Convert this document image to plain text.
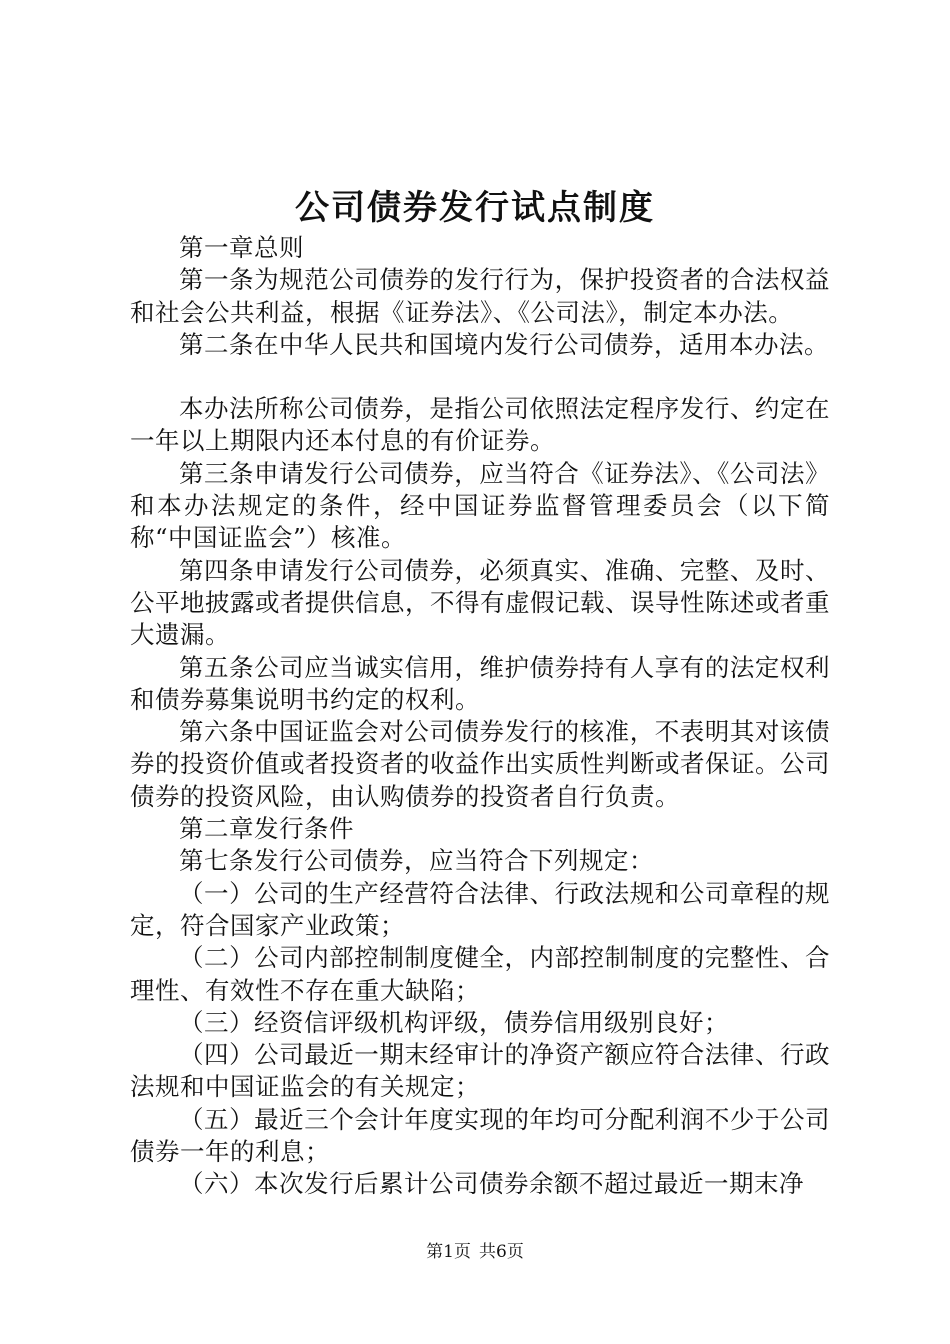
公司债券发行试点制度

第一章总则

第一条为规范公司债券的发行行为，保护投资者的合法权益和社会公共利益，根据《证券法》、《公司法》，制定本办法。

第二条在中华人民共和国境内发行公司债券，适用本办法。

本办法所称公司债券，是指公司依照法定程序发行、约定在一年以上期限内还本付息的有价证券。

第三条申请发行公司债券，应当符合《证券法》、《公司法》和本办法规定的条件，经中国证券监督管理委员会（以下简称“中国证监会”）核准。

第四条申请发行公司债券，必须真实、准确、完整、及时、公平地披露或者提供信息，不得有虚假记载、误导性陈述或者重大遗漏。

第五条公司应当诚实信用，维护债券持有人享有的法定权利和债券募集说明书约定的权利。

第六条中国证监会对公司债券发行的核准，不表明其对该债券的投资价值或者投资者的收益作出实质性判断或者保证。公司债券的投资风险，由认购债券的投资者自行负责。

第二章发行条件

第七条发行公司债券，应当符合下列规定：

（一）公司的生产经营符合法律、行政法规和公司章程的规定，符合国家产业政策；

（二）公司内部控制制度健全，内部控制制度的完整性、合理性、有效性不存在重大缺陷；

（三）经资信评级机构评级，债券信用级别良好；

（四）公司最近一期末经审计的净资产额应符合法律、行政法规和中国证监会的有关规定；

（五）最近三个会计年度实现的年均可分配利润不少于公司债券一年的利息；

（六）本次发行后累计公司债券余额不超过最近一期末净

第1页 共6页
